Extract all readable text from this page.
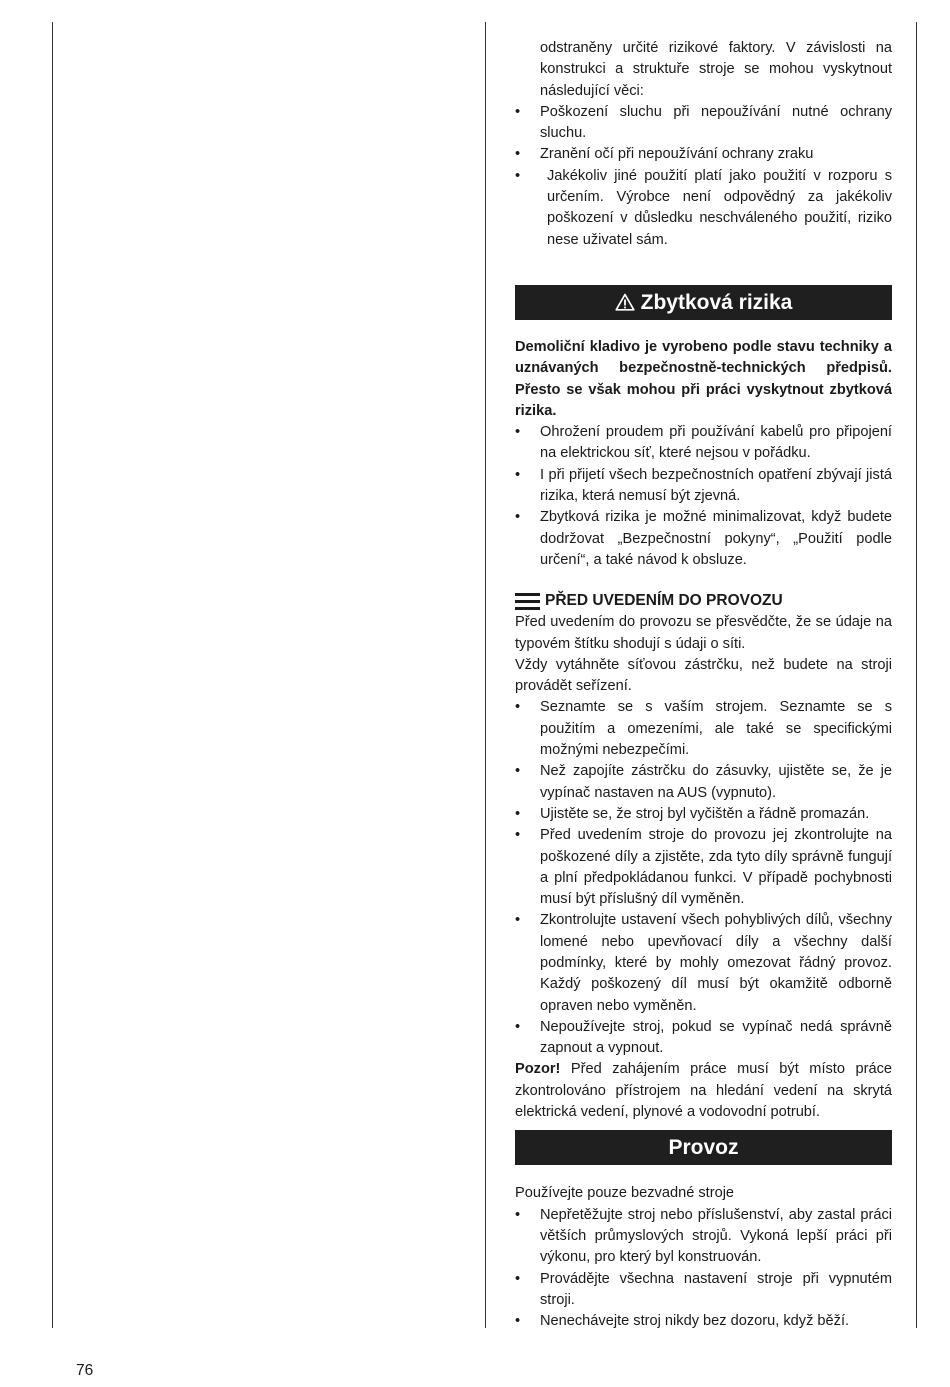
odstraněny určité rizikové faktory. V závislosti na konstrukci a struktuře stroje se mohou vyskytnout následující věci:

• Poškození sluchu při nepoužívání nutné ochrany sluchu.
• Zranění očí při nepoužívání ochrany zraku
• Jakékoliv jiné použití platí jako použití v rozporu s určením. Výrobce není odpovědný za jakékoliv poškození v důsledku neschváleného použití, riziko nese uživatel sám.
Zbytková rizika

Demoliční kladivo je vyrobeno podle stavu techniky a uznávaných bezpečnostně-technických předpisů. Přesto se však mohou při práci vyskytnout zbytková rizika.

• Ohrožení proudem při používání kabelů pro připojení na elektrickou síť, které nejsou v pořádku.
• I při přijetí všech bezpečnostních opatření zbývají jistá rizika, která nemusí být zjevná.
• Zbytková rizika je možné minimalizovat, když budete dodržovat „Bezpečnostní pokyny“, „Použití podle určení“, a také návod k obsluze.
PŘED UVEDENÍM DO PROVOZU

Před uvedením do provozu se přesvědčte, že se údaje na typovém štítku shodují s údaji o síti.

Vždy vytáhněte síťovou zástrčku, než budete na stroji provádět seřízení.

• Seznamte se s vaším strojem. Seznamte se s použitím a omezeními, ale také se specifickými možnými nebezpečími.
• Než zapojíte zástrčku do zásuvky, ujistěte se, že je vypínač nastaven na AUS (vypnuto).
• Ujistěte se, že stroj byl vyčištěn a řádně promazán.
• Před uvedením stroje do provozu jej zkontrolujte na poškozené díly a zjistěte, zda tyto díly správně fungují a plní předpokládanou funkci. V případě pochybnosti musí být příslušný díl vyměněn.
• Zkontrolujte ustavení všech pohyblivých dílů, všechny lomené nebo upevňovací díly a všechny další podmínky, které by mohly omezovat řádný provoz. Každý poškozený díl musí být okamžitě odborně opraven nebo vyměněn.
• Nepoužívejte stroj, pokud se vypínač nedá správně zapnout a vypnout.

Pozor! Před zahájením práce musí být místo práce zkontrolováno přístrojem na hledání vedení na skrytá elektrická vedení, plynové a vodovodní potrubí.

Provoz

Používejte pouze bezvadné stroje

• Nepřetěžujte stroj nebo příslušenství, aby zastal práci větších průmyslových strojů. Vykoná lepší práci při výkonu, pro který byl konstruován.
• Provádějte všechna nastavení stroje při vypnutém stroji.
• Nenechávejte stroj nikdy bez dozoru, když běží.
76
